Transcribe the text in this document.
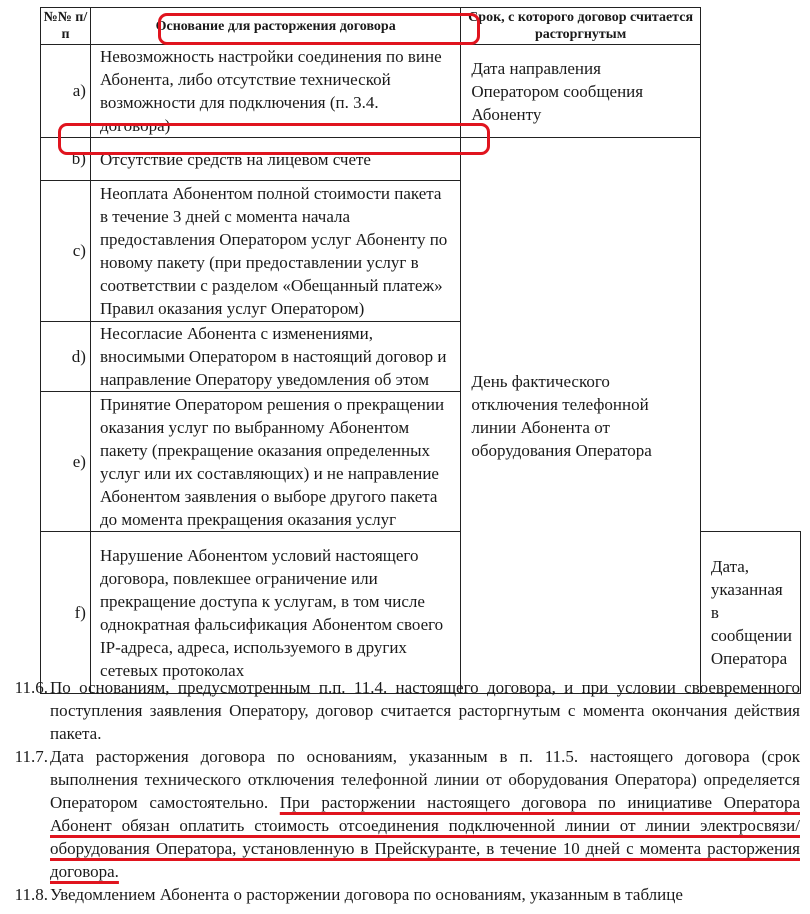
№№ п/п	Основание для расторжения договора	Срок, с которого договор считается расторгнутым	
a)	Невозможность настройки соединения по вине Абонента, либо отсутствие технической возможности для подключения (п. 3.4. договора)	Дата направления Оператором сообщения Абоненту	
b)	Отсутствие средств на лицевом счете	День фактического отключения телефонной линии Абонента от оборудования Оператора	
c)	Неоплата Абонентом полной стоимости пакета в течение 3 дней с момента начала предоставления Оператором услуг Абоненту по новому пакету (при предоставлении услуг в соответствии с разделом «Обещанный платеж» Правил оказания услуг Оператором)		
d)	Несогласие Абонента с изменениями, вносимыми Оператором в настоящий договор и направление Оператору уведомления об этом		
e)	Принятие Оператором решения о прекращении оказания услуг по выбранному Абонентом пакету (прекращение оказания определенных услуг или их составляющих) и не направление Абонентом заявления о выборе другого пакета до момента прекращения оказания услуг		
f)	Нарушение Абонентом условий настоящего договора, повлекшее ограничение или прекращение доступа к услугам, в том числе однократная фальсификация Абонентом своего IP-адреса, адреса, используемого в других сетевых протоколах		Дата, указанная в сообщении Оператора
11.6. По основаниям, предусмотренным п.п. 11.4. настоящего договора, и при условии своевременного поступления заявления Оператору, договор считается расторгнутым с момента окончания действия пакета.
11.7. Дата расторжения договора по основаниям, указанным в п. 11.5. настоящего договора (срок выполнения технического отключения телефонной линии от оборудования Оператора) определяется Оператором самостоятельно. При расторжении настоящего договора по инициативе Оператора Абонент обязан оплатить стоимость отсоединения подключенной линии от линии электросвязи/оборудования Оператора, установленную в Прейскуранте, в течение 10 дней с момента расторжения договора.
11.8. Уведомлением Абонента о расторжении договора по основаниям, указанным в таблице
